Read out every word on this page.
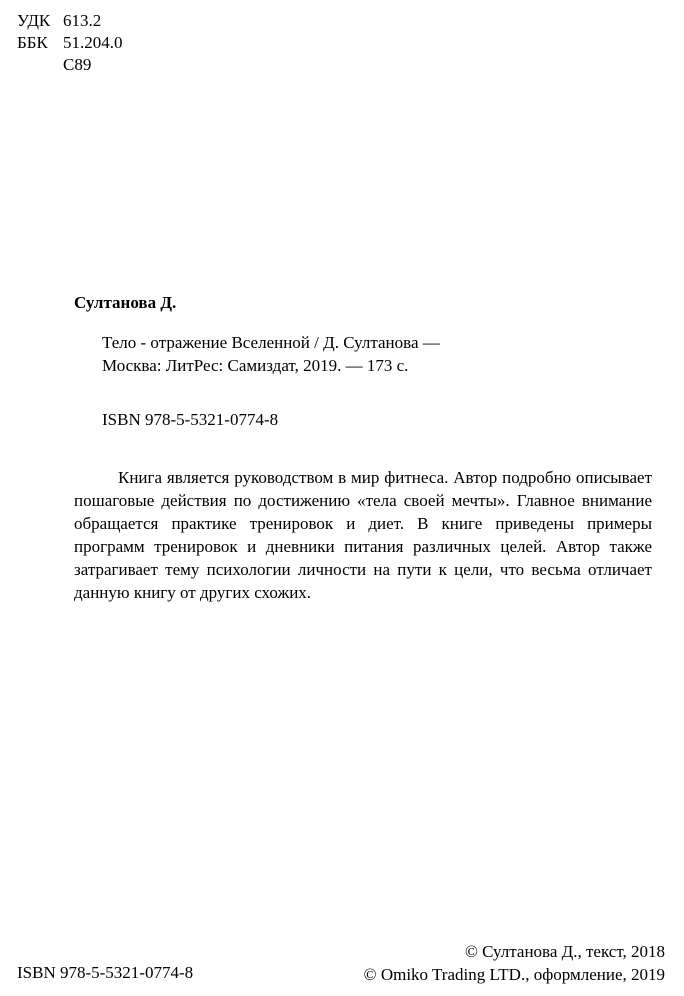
УДК 613.2
ББК 51.204.0
С89
Султанова Д.
Тело - отражение Вселенной / Д. Султанова —
Москва: ЛитРес: Самиздат, 2019. — 173 с.
ISBN 978-5-5321-0774-8

Книга является руководством в мир фитнеса. Автор подробно описывает пошаговые действия по достижению «тела своей мечты». Главное внимание обращается практике тренировок и диет. В книге приведены примеры программ тренировок и дневники питания различных целей. Автор также затрагивает тему психологии личности на пути к цели, что весьма отличает данную книгу от других схожих.

ISBN 978-5-5321-0774-8
© Султанова Д., текст, 2018
© Omiko Trading LTD., оформление, 2019
